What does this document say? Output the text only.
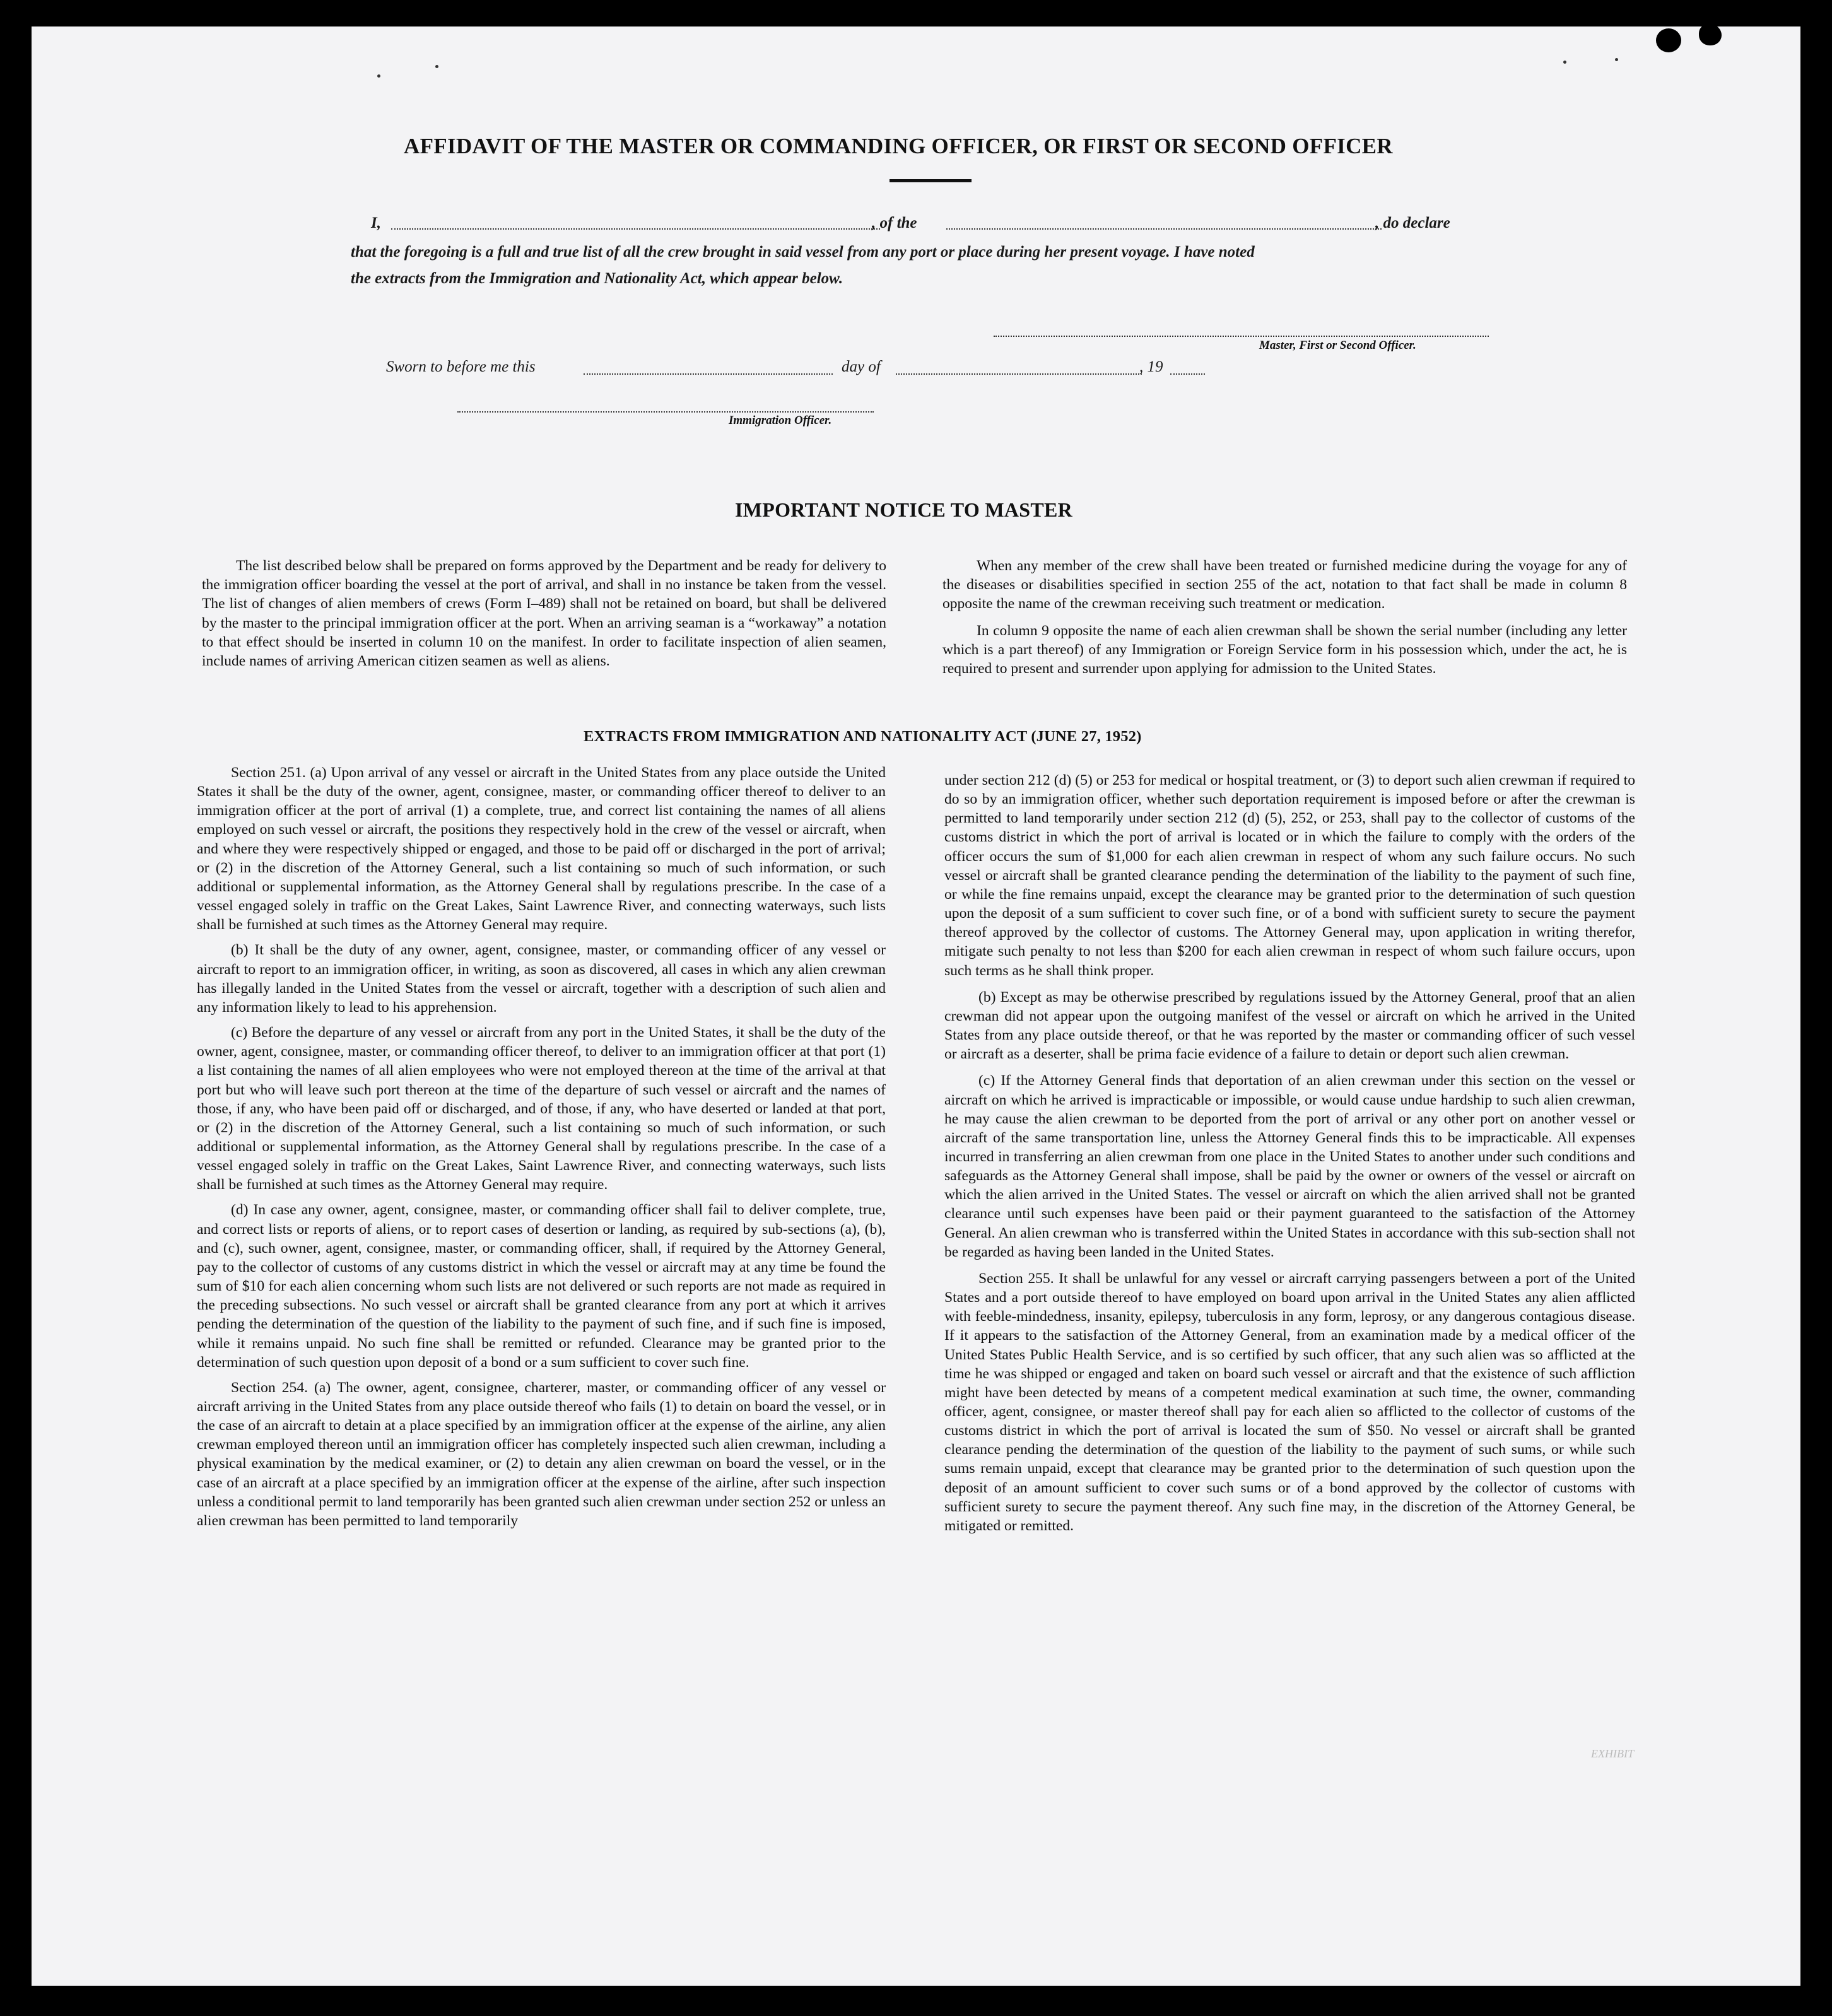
AFFIDAVIT OF THE MASTER OR COMMANDING OFFICER, OR FIRST OR SECOND OFFICER
I,	, of the	, do declare
that the foregoing is a full and true list of all the crew brought in said vessel from any port or place during her present voyage. I have noted
the extracts from the Immigration and Nationality Act, which appear below.
Master, First or Second Officer.
Sworn to before me this	day of	, 19
Immigration Officer.
IMPORTANT NOTICE TO MASTER

The list described below shall be prepared on forms approved by the Department and be ready for delivery to the immigration officer boarding the vessel at the port of arrival, and shall in no instance be taken from the vessel. The list of changes of alien members of crews (Form I–489) shall not be retained on board, but shall be delivered by the master to the principal immigration officer at the port. When an arriving seaman is a “workaway” a notation to that effect should be inserted in column 10 on the manifest. In order to facilitate inspection of alien seamen, include names of arriving American citizen seamen as well as aliens.

When any member of the crew shall have been treated or furnished medicine during the voyage for any of the diseases or disabilities specified in section 255 of the act, notation to that fact shall be made in column 8 opposite the name of the crewman receiving such treatment or medication.

In column 9 opposite the name of each alien crewman shall be shown the serial number (including any letter which is a part thereof) of any Immigration or Foreign Service form in his possession which, under the act, he is required to present and surrender upon applying for admission to the United States.

EXTRACTS FROM IMMIGRATION AND NATIONALITY ACT (JUNE 27, 1952)

Section 251. (a) Upon arrival of any vessel or aircraft in the United States from any place outside the United States it shall be the duty of the owner, agent, consignee, master, or commanding officer thereof to deliver to an immigration officer at the port of arrival (1) a complete, true, and correct list containing the names of all aliens employed on such vessel or aircraft, the positions they respectively hold in the crew of the vessel or aircraft, when and where they were respectively shipped or engaged, and those to be paid off or discharged in the port of arrival; or (2) in the discretion of the Attorney General, such a list containing so much of such information, or such additional or supplemental information, as the Attorney General shall by regulations prescribe. In the case of a vessel engaged solely in traffic on the Great Lakes, Saint Lawrence River, and connecting waterways, such lists shall be furnished at such times as the Attorney General may require.

(b) It shall be the duty of any owner, agent, consignee, master, or commanding officer of any vessel or aircraft to report to an immigration officer, in writing, as soon as discovered, all cases in which any alien crewman has illegally landed in the United States from the vessel or aircraft, together with a description of such alien and any information likely to lead to his apprehension.

(c) Before the departure of any vessel or aircraft from any port in the United States, it shall be the duty of the owner, agent, consignee, master, or commanding officer thereof, to deliver to an immigration officer at that port (1) a list containing the names of all alien employees who were not employed thereon at the time of the arrival at that port but who will leave such port thereon at the time of the departure of such vessel or aircraft and the names of those, if any, who have been paid off or discharged, and of those, if any, who have deserted or landed at that port, or (2) in the discretion of the Attorney General, such a list containing so much of such information, or such additional or supplemental information, as the Attorney General shall by regulations prescribe. In the case of a vessel engaged solely in traffic on the Great Lakes, Saint Lawrence River, and connecting waterways, such lists shall be furnished at such times as the Attorney General may require.

(d) In case any owner, agent, consignee, master, or commanding officer shall fail to deliver complete, true, and correct lists or reports of aliens, or to report cases of desertion or landing, as required by sub-sections (a), (b), and (c), such owner, agent, consignee, master, or commanding officer, shall, if required by the Attorney General, pay to the collector of customs of any customs district in which the vessel or aircraft may at any time be found the sum of $10 for each alien concerning whom such lists are not delivered or such reports are not made as required in the preceding subsections. No such vessel or aircraft shall be granted clearance from any port at which it arrives pending the determination of the question of the liability to the payment of such fine, and if such fine is imposed, while it remains unpaid. No such fine shall be remitted or refunded. Clearance may be granted prior to the determination of such question upon deposit of a bond or a sum sufficient to cover such fine.

Section 254. (a) The owner, agent, consignee, charterer, master, or commanding officer of any vessel or aircraft arriving in the United States from any place outside thereof who fails (1) to detain on board the vessel, or in the case of an aircraft to detain at a place specified by an immigration officer at the expense of the airline, any alien crewman employed thereon until an immigration officer has completely inspected such alien crewman, including a physical examination by the medical examiner, or (2) to detain any alien crewman on board the vessel, or in the case of an aircraft at a place specified by an immigration officer at the expense of the airline, after such inspection unless a conditional permit to land temporarily has been granted such alien crewman under section 252 or unless an alien crewman has been permitted to land temporarily

under section 212 (d) (5) or 253 for medical or hospital treatment, or (3) to deport such alien crewman if required to do so by an immigration officer, whether such deportation requirement is imposed before or after the crewman is permitted to land temporarily under section 212 (d) (5), 252, or 253, shall pay to the collector of customs of the customs district in which the port of arrival is located or in which the failure to comply with the orders of the officer occurs the sum of $1,000 for each alien crewman in respect of whom any such failure occurs. No such vessel or aircraft shall be granted clearance pending the determination of the liability to the payment of such fine, or while the fine remains unpaid, except the clearance may be granted prior to the determination of such question upon the deposit of a sum sufficient to cover such fine, or of a bond with sufficient surety to secure the payment thereof approved by the collector of customs. The Attorney General may, upon application in writing therefor, mitigate such penalty to not less than $200 for each alien crewman in respect of whom such failure occurs, upon such terms as he shall think proper.

(b) Except as may be otherwise prescribed by regulations issued by the Attorney General, proof that an alien crewman did not appear upon the outgoing manifest of the vessel or aircraft on which he arrived in the United States from any place outside thereof, or that he was reported by the master or commanding officer of such vessel or aircraft as a deserter, shall be prima facie evidence of a failure to detain or deport such alien crewman.

(c) If the Attorney General finds that deportation of an alien crewman under this section on the vessel or aircraft on which he arrived is impracticable or impossible, or would cause undue hardship to such alien crewman, he may cause the alien crewman to be deported from the port of arrival or any other port on another vessel or aircraft of the same transportation line, unless the Attorney General finds this to be impracticable. All expenses incurred in transferring an alien crewman from one place in the United States to another under such conditions and safeguards as the Attorney General shall impose, shall be paid by the owner or owners of the vessel or aircraft on which the alien arrived in the United States. The vessel or aircraft on which the alien arrived shall not be granted clearance until such expenses have been paid or their payment guaranteed to the satisfaction of the Attorney General. An alien crewman who is transferred within the United States in accordance with this sub-section shall not be regarded as having been landed in the United States.

Section 255. It shall be unlawful for any vessel or aircraft carrying passengers between a port of the United States and a port outside thereof to have employed on board upon arrival in the United States any alien afflicted with feeble-mindedness, insanity, epilepsy, tuberculosis in any form, leprosy, or any dangerous contagious disease. If it appears to the satisfaction of the Attorney General, from an examination made by a medical officer of the United States Public Health Service, and is so certified by such officer, that any such alien was so afflicted at the time he was shipped or engaged and taken on board such vessel or aircraft and that the existence of such affliction might have been detected by means of a competent medical examination at such time, the owner, commanding officer, agent, consignee, or master thereof shall pay for each alien so afflicted to the collector of customs of the customs district in which the port of arrival is located the sum of $50. No vessel or aircraft shall be granted clearance pending the determination of the question of the liability to the payment of such sums, or while such sums remain unpaid, except that clearance may be granted prior to the determination of such question upon the deposit of an amount sufficient to cover such sums or of a bond approved by the collector of customs with sufficient surety to secure the payment thereof. Any such fine may, in the discretion of the Attorney General, be mitigated or remitted.

EXHIBIT
